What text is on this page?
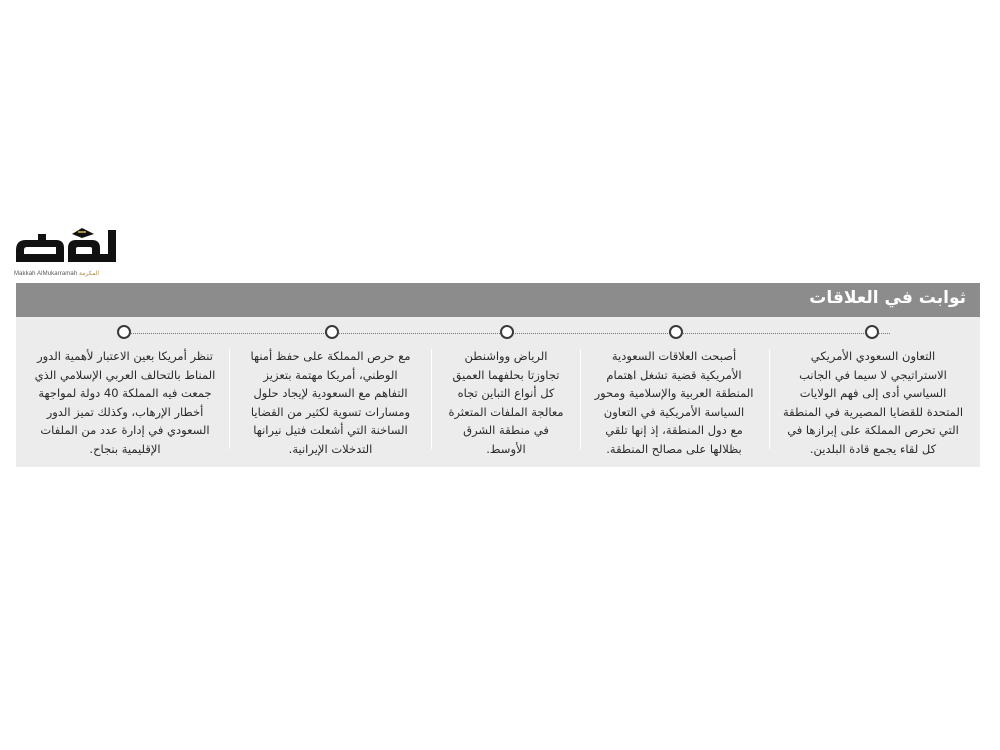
Makkah AlMukarramah المكرمة
ثوابت في العلاقات
التعاون السعودي الأمريكي
الاستراتيجي لا سيما في الجانب
السياسي أدى إلى فهم الولايات
المتحدة للقضايا المصيرية في المنطقة
التي تحرص المملكة على إبرازها في
كل لقاء يجمع قادة البلدين.
أصبحت العلاقات السعودية
الأمريكية قضية تشغل اهتمام
المنطقة العربية والإسلامية ومحور
السياسة الأمريكية في التعاون
مع دول المنطقة، إذ إنها تلقي
بظلالها على مصالح المنطقة.
الرياض وواشنطن
تجاوزتا بحلفهما العميق
كل أنواع التباين تجاه
معالجة الملفات المتعثرة
في منطقة الشرق
الأوسط.
مع حرص المملكة على حفظ أمنها
الوطني، أمريكا مهتمة بتعزيز
التفاهم مع السعودية لإيجاد حلول
ومسارات تسوية لكثير من القضايا
الساخنة التي أشعلت فتيل نيرانها
التدخلات الإيرانية.
تنظر أمريكا بعين الاعتبار لأهمية الدور
المناط بالتحالف العربي الإسلامي الذي
جمعت فيه المملكة 40 دولة لمواجهة
أخطار الإرهاب، وكذلك تميز الدور
السعودي في إدارة عدد من الملفات
الإقليمية بنجاح.
